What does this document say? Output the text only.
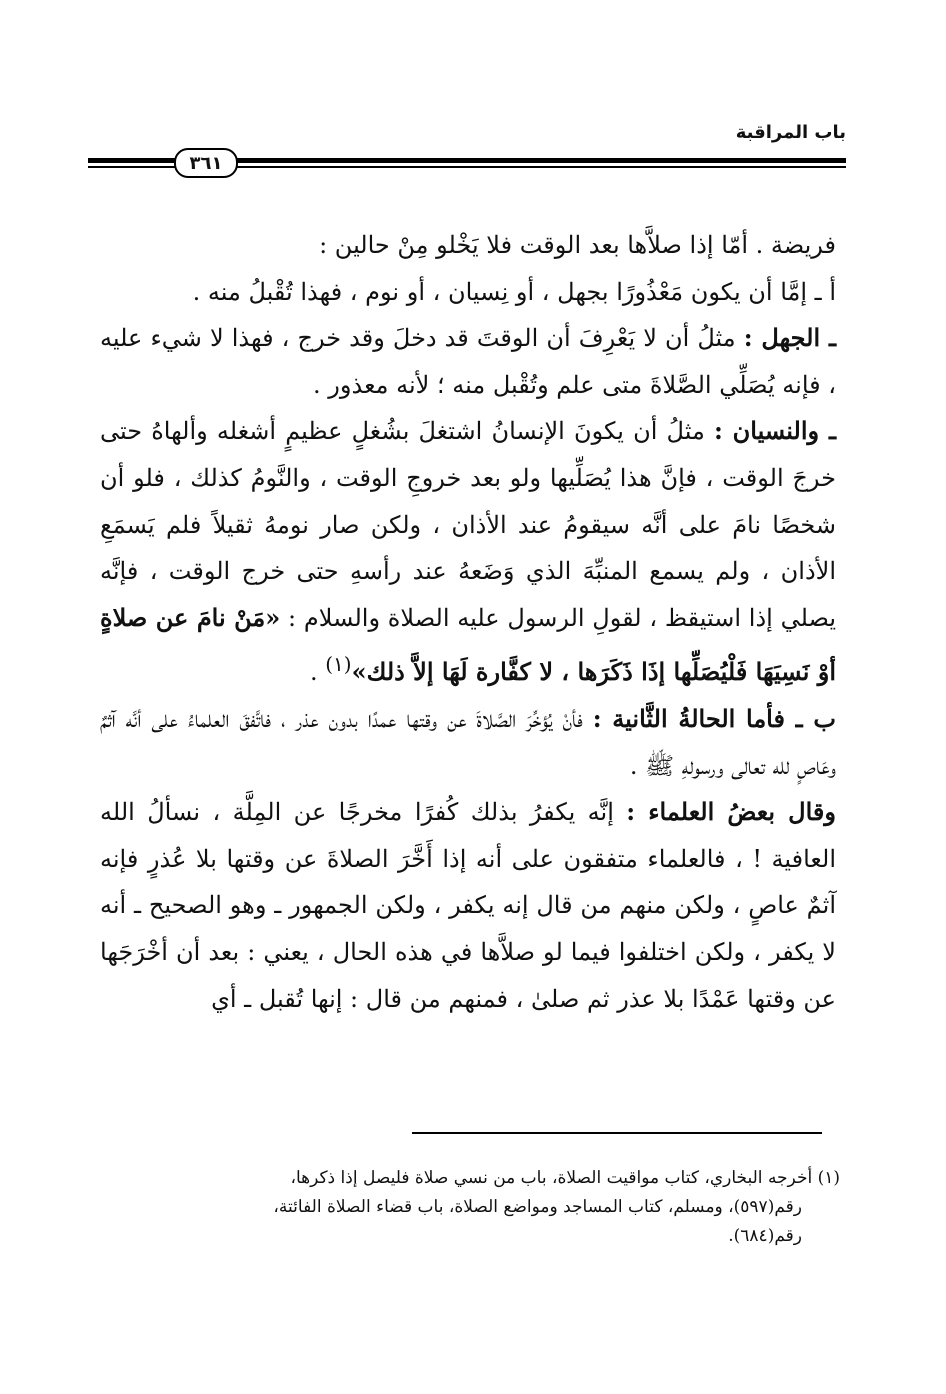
باب المراقبة
٣٦١

فريضة . أمّا إذا صلاَّها بعد الوقت فلا يَخْلو مِنْ حالين :

أ ـ إمَّا أن يكون مَعْذُورًا بجهل ، أو نِسيان ، أو نوم ، فهذا تُقْبلُ منه .

ـ الجهل : مثلُ أن لا يَعْرِفَ أن الوقتَ قد دخلَ وقد خرج ، فهذا لا شيء عليه ، فإنه يُصَلِّي الصَّلاةَ متى علم وتُقْبل منه ؛ لأنه معذور .

ـ والنسيان : مثلُ أن يكونَ الإنسانُ اشتغلَ بشُغلٍ عظيمٍ أشغله وألهاهُ حتى خرجَ الوقت ، فإنَّ هذا يُصَلِّيها ولو بعد خروجِ الوقت ، والنَّومُ كذلك ، فلو أن شخصًا نامَ على أنَّه سيقومُ عند الأذان ، ولكن صار نومهُ ثقيلاً فلم يَسمَعِ الأذان ، ولم يسمع المنبِّهَ الذي وَضَعهُ عند رأسهِ حتى خرج الوقت ، فإنَّه يصلي إذا استيقظ ، لقولِ الرسول عليه الصلاة والسلام : «مَنْ نامَ عن صلاةٍ أوْ نَسِيَهَا فَلْيُصَلِّها إذَا ذَكَرَها ، لا كفَّارة لَهَا إلاَّ ذلك»$^{(١)}$ .

ب ـ فأما الحالةُ الثَّانية : فأنْ يُؤخِّرَ الصَّلاةَ عن وقتها عمدًا بدون عذر ، فاتَّفقَ العلماءُ على أنَّه آثمٌ وعَاصٍ لله تعالى ورسولهِ ﷺ .

وقال بعضُ العلماء : إنَّه يكفرُ بذلك كُفرًا مخرجًا عن المِلَّة ، نسألُ الله العافية ! ، فالعلماء متفقون على أنه إذا أَخَّرَ الصلاةَ عن وقتها بلا عُذرٍ فإنه آثمٌ عاصٍ ، ولكن منهم من قال إنه يكفر ، ولكن الجمهور ـ وهو الصحيح ـ أنه لا يكفر ، ولكن اختلفوا فيما لو صلاَّها في هذه الحال ، يعني : بعد أن أخْرَجَها عن وقتها عَمْدًا بلا عذر ثم صلىٰ ، فمنهم من قال : إنها تُقبل ـ أي

(١) أخرجه البخاري، كتاب مواقيت الصلاة، باب من نسي صلاة فليصل إذا ذكرها،

رقم(٥٩٧)، ومسلم، كتاب المساجد ومواضع الصلاة، باب قضاء الصلاة الفائتة،

رقم(٦٨٤).
